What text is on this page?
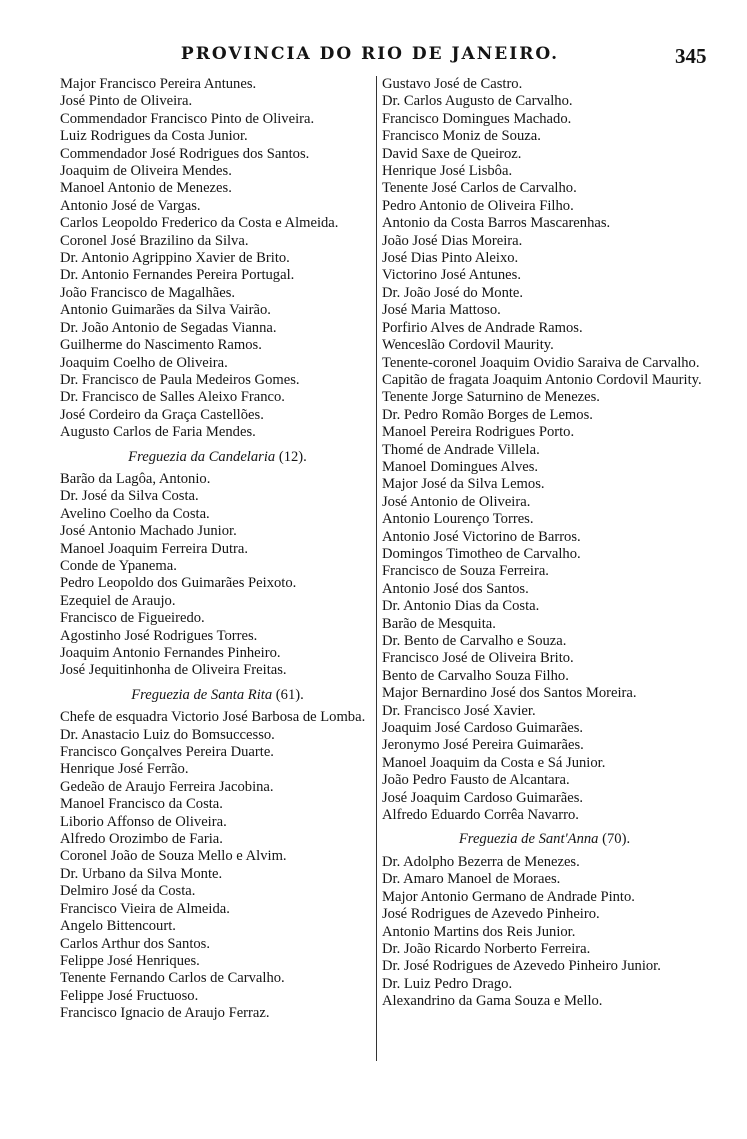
PROVINCIA DO RIO DE JANEIRO.	345

Major Francisco Pereira Antunes.

José Pinto de Oliveira.

Commendador Francisco Pinto de Oliveira.

Luiz Rodrigues da Costa Junior.

Commendador José Rodrigues dos Santos.

Joaquim de Oliveira Mendes.

Manoel Antonio de Menezes.

Antonio José de Vargas.

Carlos Leopoldo Frederico da Costa e Almeida.

Coronel José Brazilino da Silva.

Dr. Antonio Agrippino Xavier de Brito.

Dr. Antonio Fernandes Pereira Portugal.

João Francisco de Magalhães.

Antonio Guimarães da Silva Vairão.

Dr. João Antonio de Segadas Vianna.

Guilherme do Nascimento Ramos.

Joaquim Coelho de Oliveira.

Dr. Francisco de Paula Medeiros Gomes.

Dr. Francisco de Salles Aleixo Franco.

José Cordeiro da Graça Castellões.

Augusto Carlos de Faria Mendes.

Freguezia da Candelaria (12).

Barão da Lagôa, Antonio.

Dr. José da Silva Costa.

Avelino Coelho da Costa.

José Antonio Machado Junior.

Manoel Joaquim Ferreira Dutra.

Conde de Ypanema.

Pedro Leopoldo dos Guimarães Peixoto.

Ezequiel de Araujo.

Francisco de Figueiredo.

Agostinho José Rodrigues Torres.

Joaquim Antonio Fernandes Pinheiro.

José Jequitinhonha de Oliveira Freitas.

Freguezia de Santa Rita (61).

Chefe de esquadra Victorio José Barbosa de Lomba.

Dr. Anastacio Luiz do Bomsuccesso.

Francisco Gonçalves Pereira Duarte.

Henrique José Ferrão.

Gedeão de Araujo Ferreira Jacobina.

Manoel Francisco da Costa.

Liborio Affonso de Oliveira.

Alfredo Orozimbo de Faria.

Coronel João de Souza Mello e Alvim.

Dr. Urbano da Silva Monte.

Delmiro José da Costa.

Francisco Vieira de Almeida.

Angelo Bittencourt.

Carlos Arthur dos Santos.

Felippe José Henriques.

Tenente Fernando Carlos de Carvalho.

Felippe José Fructuoso.

Francisco Ignacio de Araujo Ferraz.

Gustavo José de Castro.

Dr. Carlos Augusto de Carvalho.

Francisco Domingues Machado.

Francisco Moniz de Souza.

David Saxe de Queiroz.

Henrique José Lisbôa.

Tenente José Carlos de Carvalho.

Pedro Antonio de Oliveira Filho.

Antonio da Costa Barros Mascarenhas.

João José Dias Moreira.

José Dias Pinto Aleixo.

Victorino José Antunes.

Dr. João José do Monte.

José Maria Mattoso.

Porfirio Alves de Andrade Ramos.

Wenceslão Cordovil Maurity.

Tenente-coronel Joaquim Ovidio Saraiva de Carvalho.

Capitão de fragata Joaquim Antonio Cordovil Maurity.

Tenente Jorge Saturnino de Menezes.

Dr. Pedro Romão Borges de Lemos.

Manoel Pereira Rodrigues Porto.

Thomé de Andrade Villela.

Manoel Domingues Alves.

Major José da Silva Lemos.

José Antonio de Oliveira.

Antonio Lourenço Torres.

Antonio José Victorino de Barros.

Domingos Timotheo de Carvalho.

Francisco de Souza Ferreira.

Antonio José dos Santos.

Dr. Antonio Dias da Costa.

Barão de Mesquita.

Dr. Bento de Carvalho e Souza.

Francisco José de Oliveira Brito.

Bento de Carvalho Souza Filho.

Major Bernardino José dos Santos Moreira.

Dr. Francisco José Xavier.

Joaquim José Cardoso Guimarães.

Jeronymo José Pereira Guimarães.

Manoel Joaquim da Costa e Sá Junior.

João Pedro Fausto de Alcantara.

José Joaquim Cardoso Guimarães.

Alfredo Eduardo Corrêa Navarro.

Freguezia de Sant'Anna (70).

Dr. Adolpho Bezerra de Menezes.

Dr. Amaro Manoel de Moraes.

Major Antonio Germano de Andrade Pinto.

José Rodrigues de Azevedo Pinheiro.

Antonio Martins dos Reis Junior.

Dr. João Ricardo Norberto Ferreira.

Dr. José Rodrigues de Azevedo Pinheiro Junior.

Dr. Luiz Pedro Drago.

Alexandrino da Gama Souza e Mello.
